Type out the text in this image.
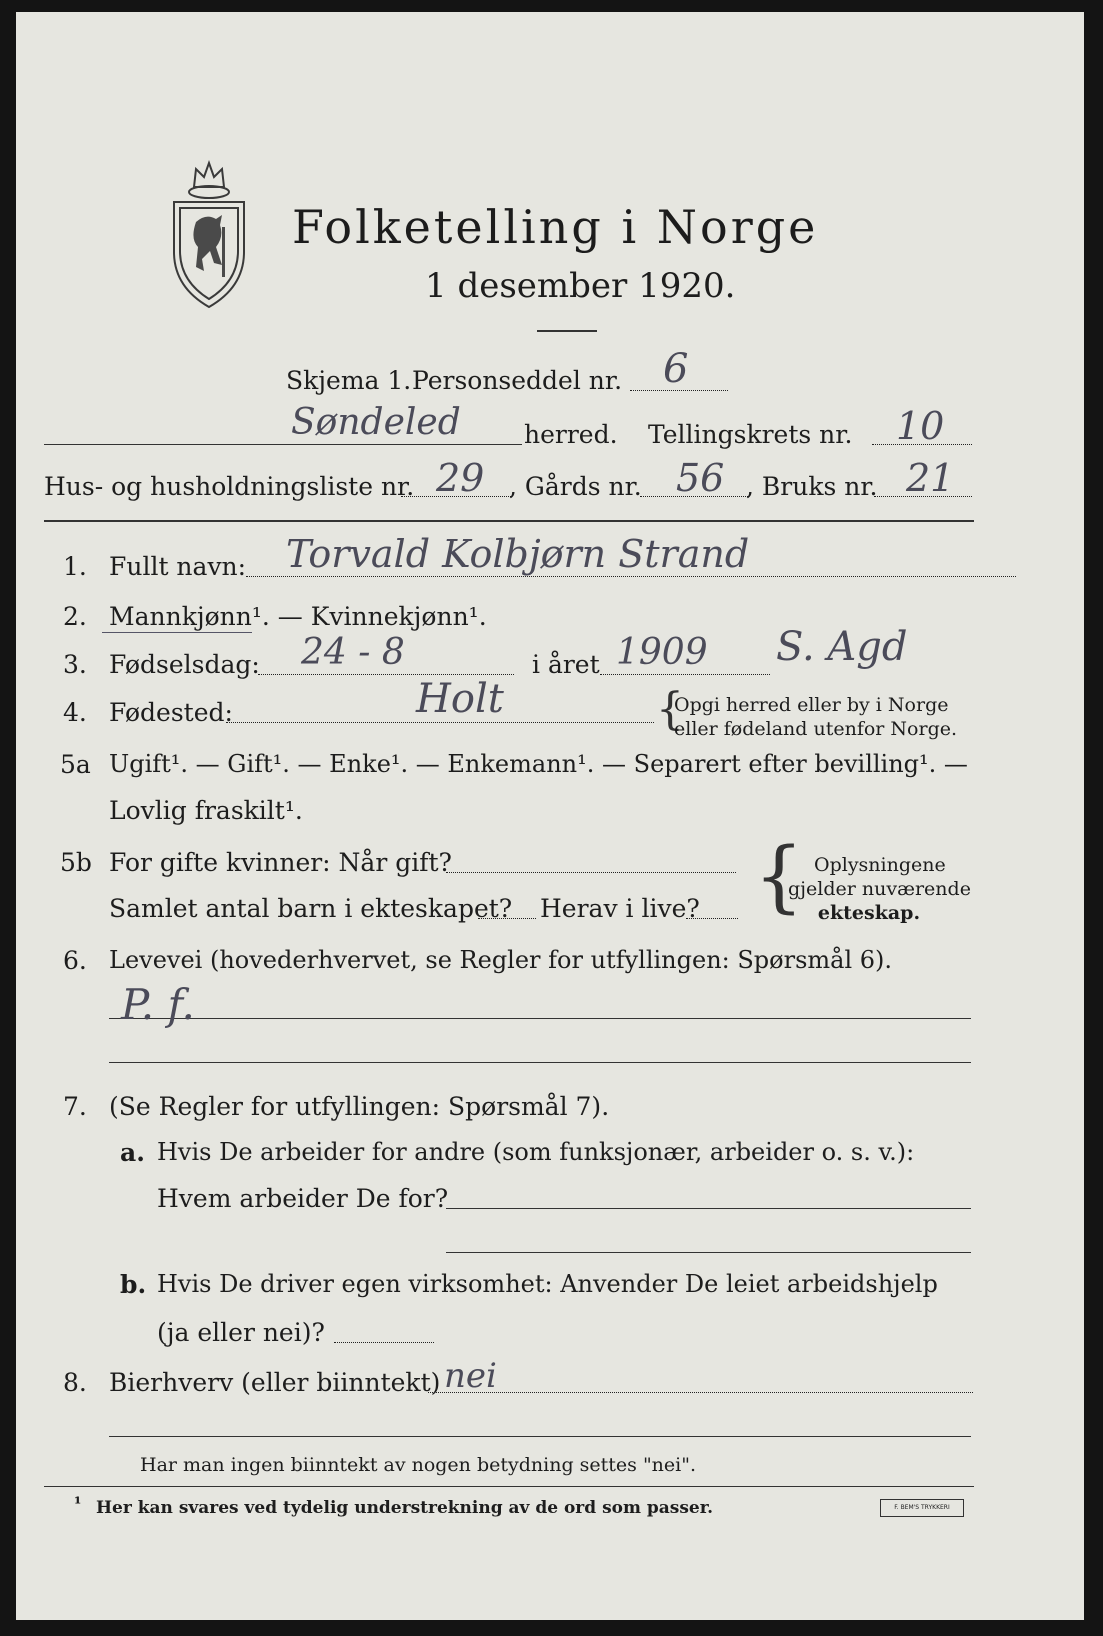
Folketelling i Norge
1 desember 1920.
Skjema 1. Personseddel nr. 6
Søndeled	herred. Tellingskrets nr. 10
Hus- og husholdningsliste nr. 29 , Gårds nr. 56 , Bruks nr. 21
1. Fullt navn: Torvald Kolbjørn Strand
2. Mannkjønn¹. — Kvinnekjønn¹.
3. Fødselsdag: 24 - 8	i året 1909 S. Agd
4. Fødested:	Holt	{
Opgi herred eller by i Norge
eller fødeland utenfor Norge.
5a Ugift¹. — Gift¹. — Enke¹. — Enkemann¹. — Separert efter bevilling¹. —
Lovlig fraskilt¹.
5b For gifte kvinner: Når gift?
Samlet antal barn i ekteskapet? Herav i live? { Oplysningene
gjelder nuværende
ekteskap.
6. Levevei (hovederhvervet, se Regler for utfyllingen: Spørsmål 6).
P. f.
7. (Se Regler for utfyllingen: Spørsmål 7).
a. Hvis De arbeider for andre (som funksjonær, arbeider o. s. v.):
Hvem arbeider De for?
b. Hvis De driver egen virksomhet: Anvender De leiet arbeidshjelp
(ja eller nei)?
8. Bierhverv (eller biinntekt) nei
Har man ingen biinntekt av nogen betydning settes "nei".
¹ Her kan svares ved tydelig understrekning av de ord som passer.	F. BEM'S TRYKKERI
